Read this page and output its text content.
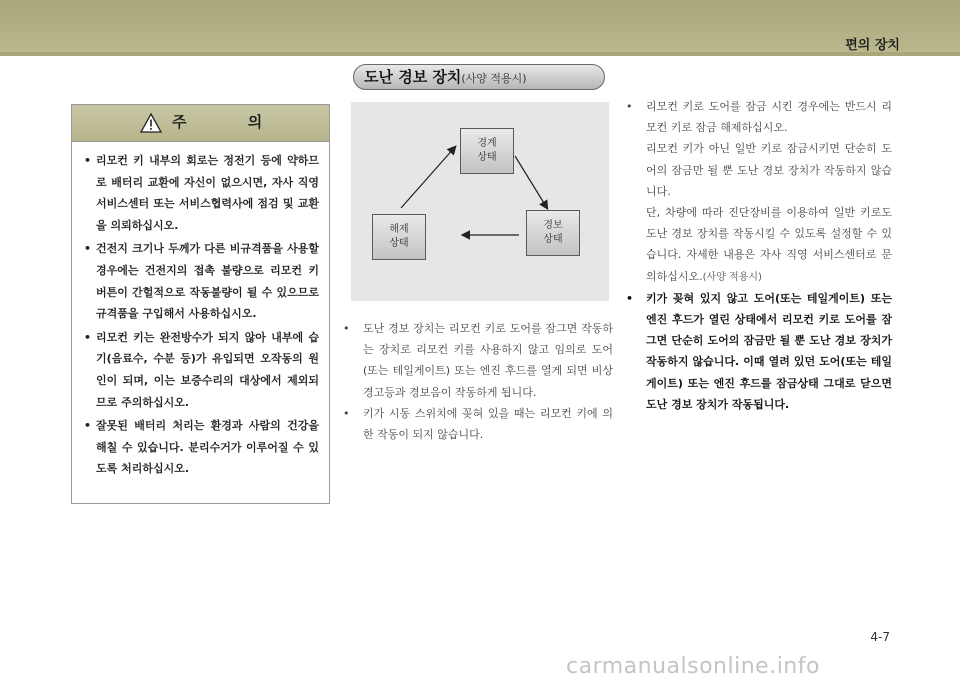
편의 장치
도난 경보 장치(사양 적용시)
주 의
• 리모컨 키 내부의 회로는 정전기 등에 약하므로 배터리 교환에 자신이 없으시면, 자사 직영 서비스센터 또는 서비스협력사에 점검 및 교환을 의뢰하십시오.
• 건전지 크기나 두께가 다른 비규격품을 사용할 경우에는 건전지의 접촉 불량으로 리모컨 키 버튼이 간헐적으로 작동불량이 될 수 있으므로 규격품을 구입해서 사용하십시오.
• 리모컨 키는 완전방수가 되지 않아 내부에 습기(음료수, 수분 등)가 유입되면 오작동의 원인이 되며, 이는 보증수리의 대상에서 제외되므로 주의하십시오.
• 잘못된 배터리 처리는 환경과 사람의 건강을 해칠 수 있습니다. 분리수거가 이루어질 수 있도록 처리하십시오.
경계
상태
경보
상태
해제
상태
• 도난 경보 장치는 리모컨 키로 도어를 잠그면 작동하는 장치로 리모컨 키를 사용하지 않고 임의로 도어(또는 테일게이트) 또는 엔진 후드를 열게 되면 비상경고등과 경보음이 작동하게 됩니다.
• 키가 시동 스위치에 꽂혀 있을 때는 리모컨 키에 의한 작동이 되지 않습니다.

• 리모컨 키로 도어를 잠금 시킨 경우에는 반드시 리모컨 키로 잠금 해제하십시오.

리모컨 키가 아닌 일반 키로 잠금시키면 단순히 도어의 잠금만 될 뿐 도난 경보 장치가 작동하지 않습니다.

단, 차량에 따라 진단장비를 이용하여 일반 키로도 도난 경보 장치를 작동시킬 수 있도록 설정할 수 있습니다. 자세한 내용은 자사 직영 서비스센터로 문의하십시오.(사양 적용시)

• 키가 꽂혀 있지 않고 도어(또는 테일게이트) 또는 엔진 후드가 열린 상태에서 리모컨 키로 도어를 잠그면 단순히 도어의 잠금만 될 뿐 도난 경보 장치가 작동하지 않습니다. 이때 열려 있던 도어(또는 테일게이트) 또는 엔진 후드를 잠금상태 그대로 닫으면 도난 경보 장치가 작동됩니다.

4-7
carmanualsonline.info
